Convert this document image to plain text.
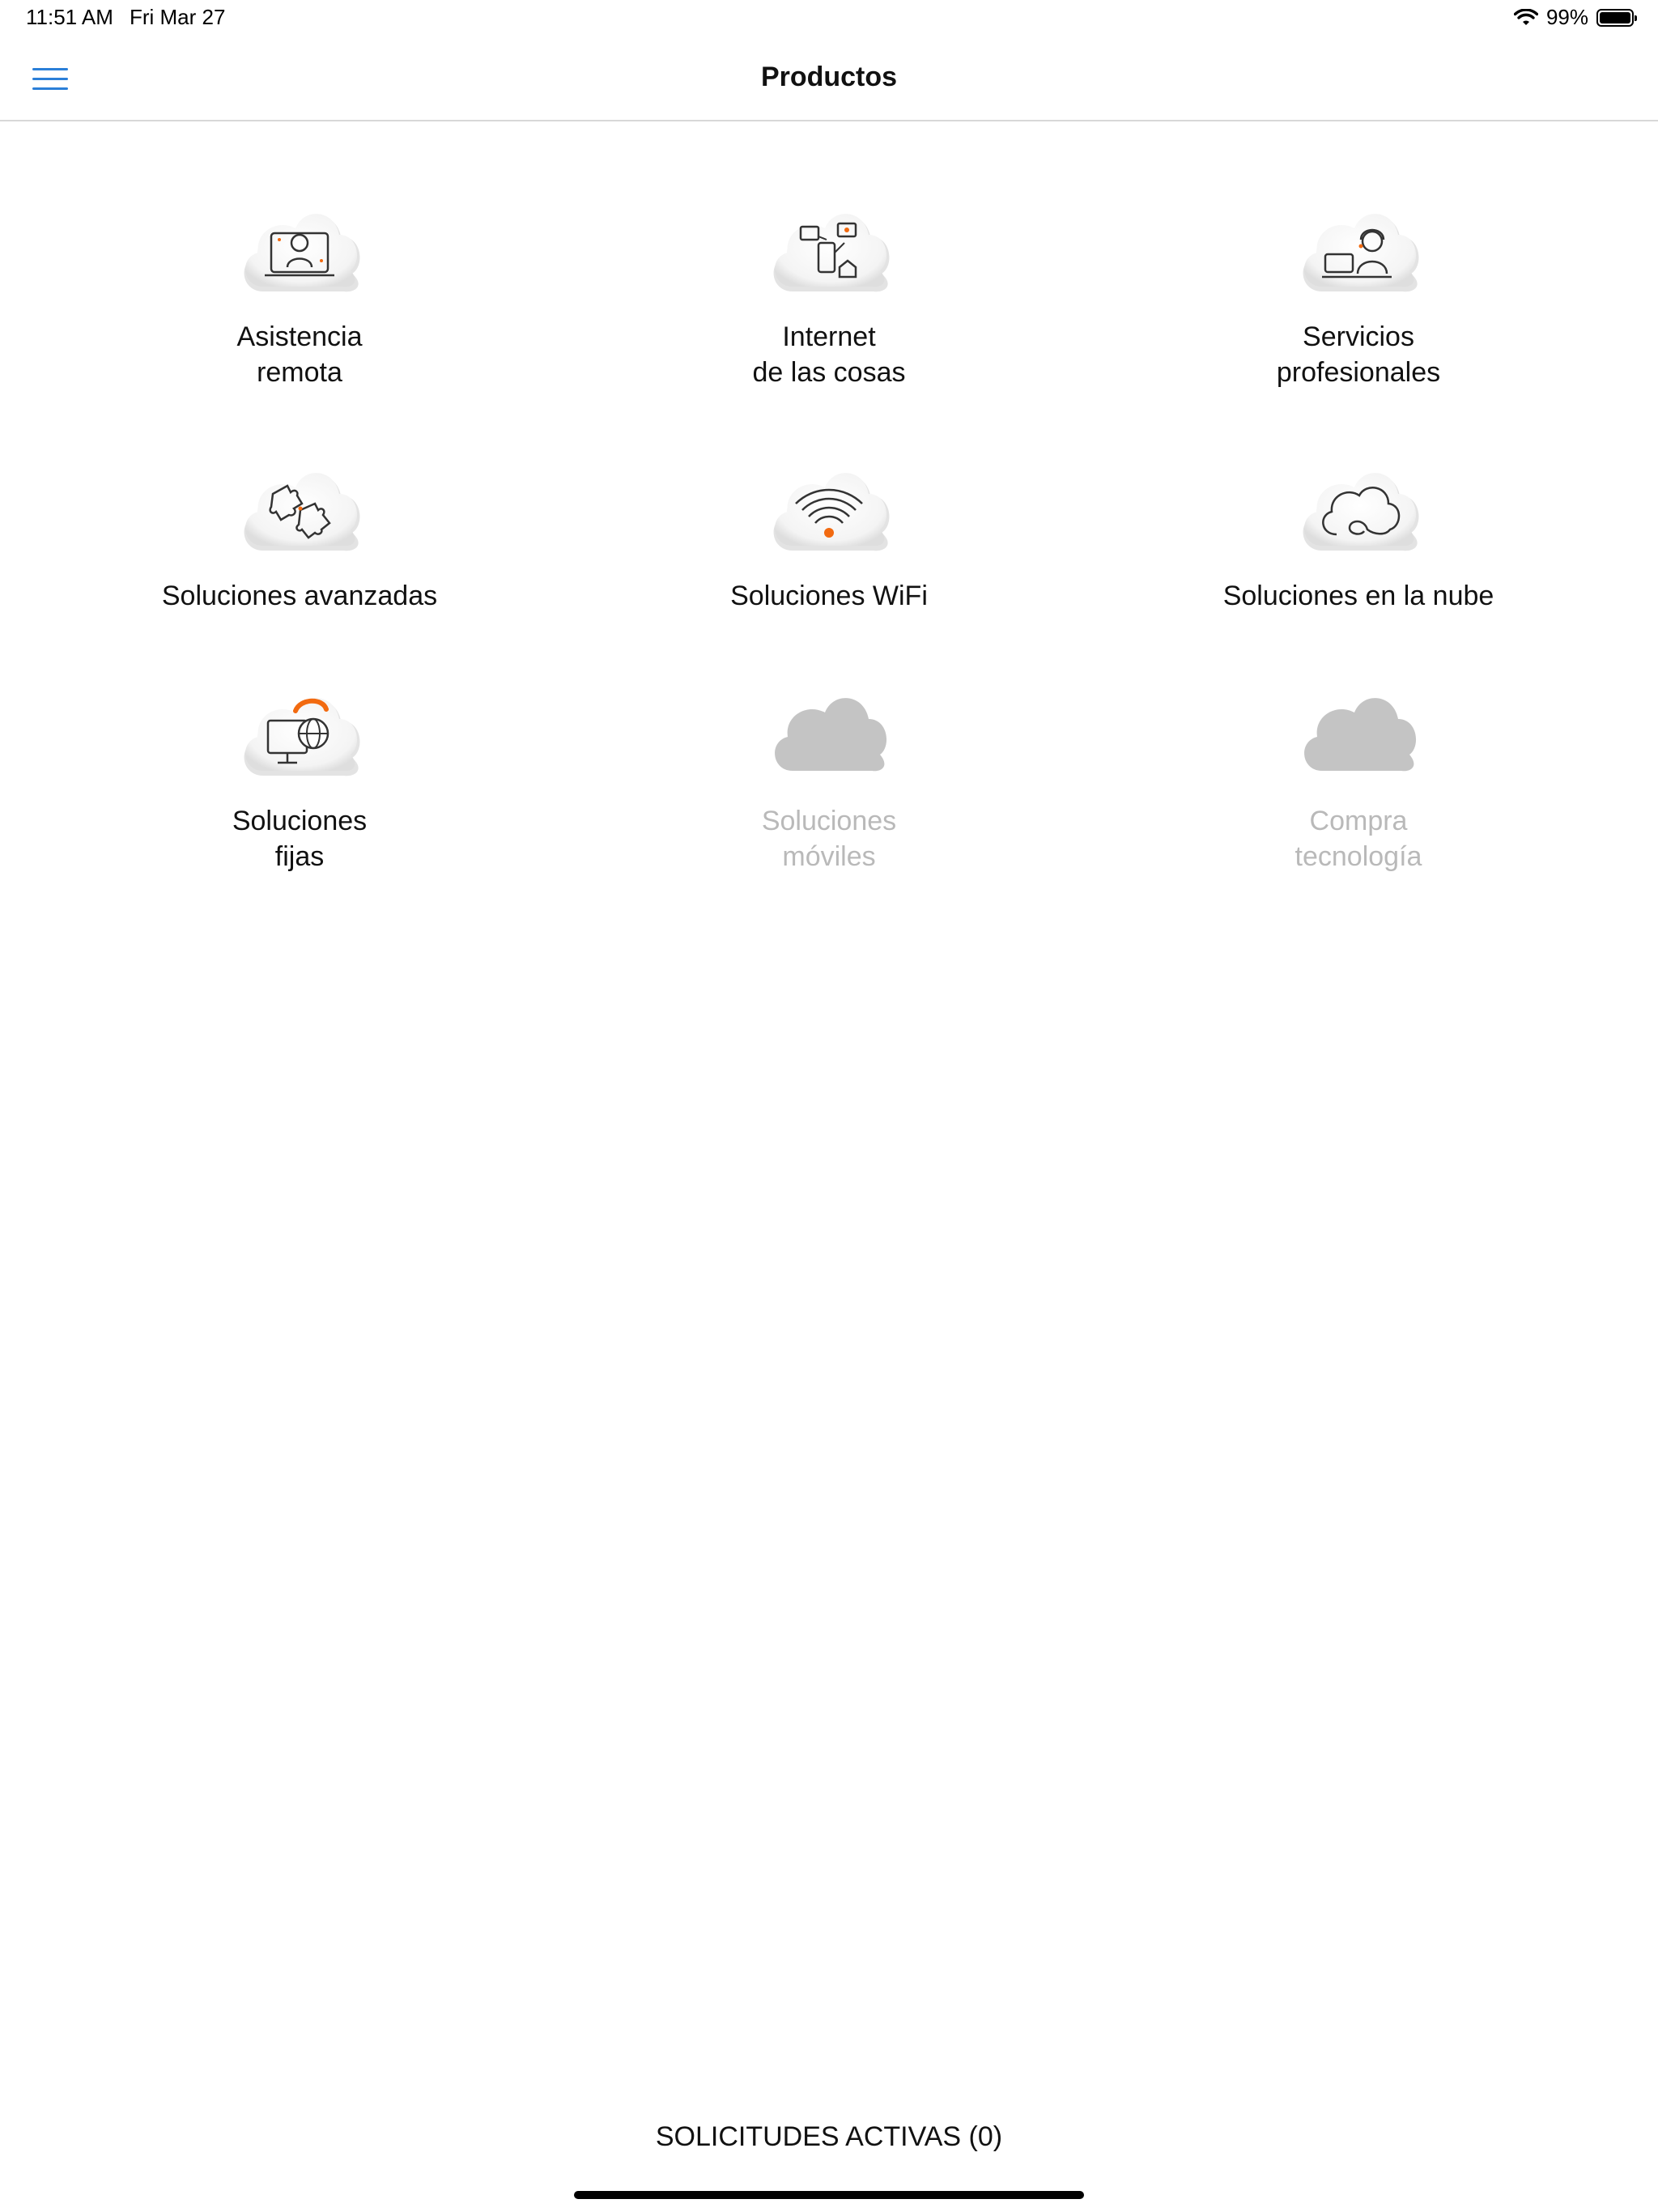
11:51 AM Fri Mar 27	99%
Productos
Asistencia
remota
Internet
de las cosas
Servicios
profesionales
Soluciones avanzadas	Soluciones WiFi	Soluciones en la nube
Soluciones
fijas
Soluciones
móviles
Compra
tecnología
SOLICITUDES ACTIVAS (0)
